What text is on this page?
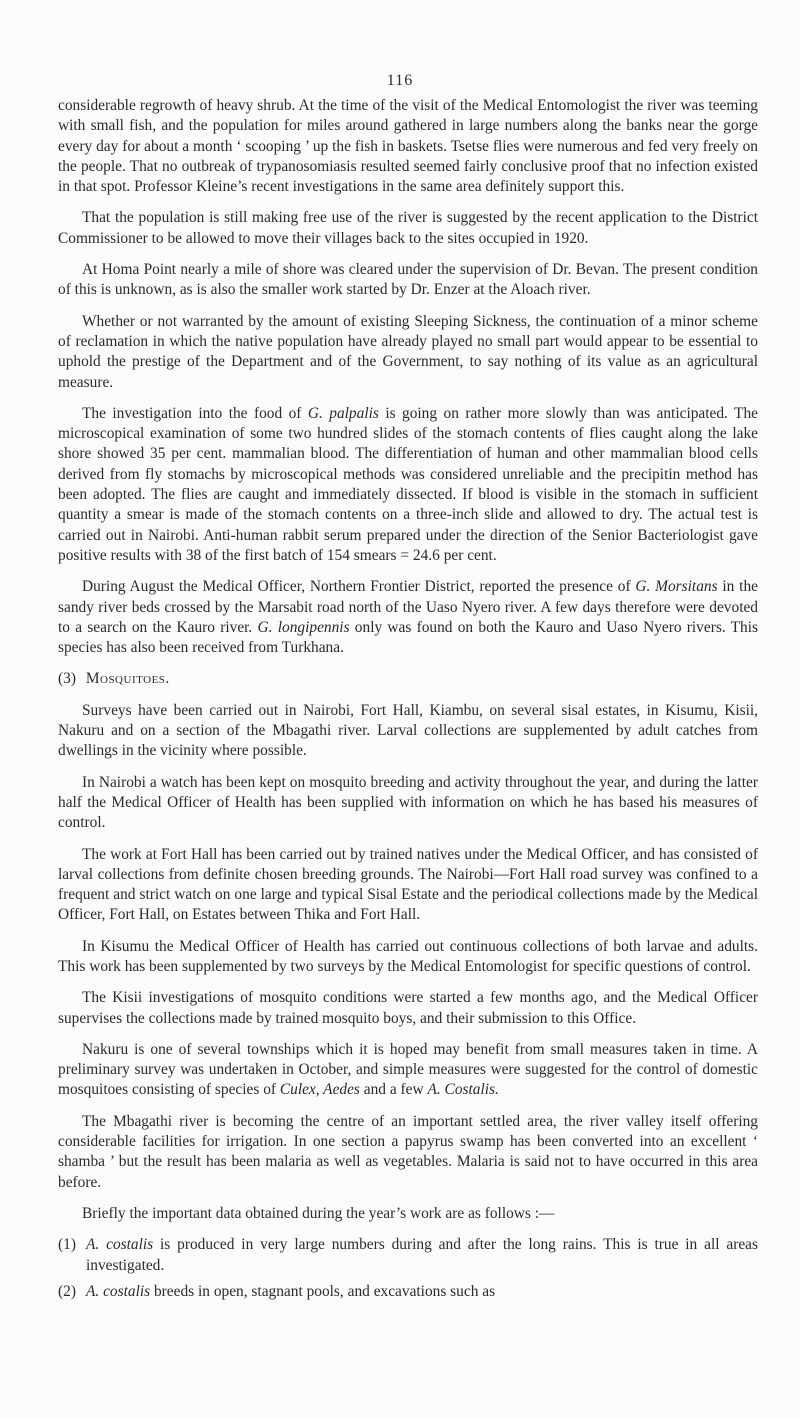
116

considerable regrowth of heavy shrub. At the time of the visit of the Medical Entomologist the river was teeming with small fish, and the population for miles around gathered in large numbers along the banks near the gorge every day for about a month ‘ scooping ’ up the fish in baskets. Tsetse flies were numerous and fed very freely on the people. That no outbreak of trypanosomiasis resulted seemed fairly conclusive proof that no infection existed in that spot. Professor Kleine’s recent investigations in the same area definitely support this.

That the population is still making free use of the river is suggested by the recent application to the District Commissioner to be allowed to move their villages back to the sites occupied in 1920.

At Homa Point nearly a mile of shore was cleared under the supervision of Dr. Bevan. The present condition of this is unknown, as is also the smaller work started by Dr. Enzer at the Aloach river.

Whether or not warranted by the amount of existing Sleeping Sickness, the continuation of a minor scheme of reclamation in which the native population have already played no small part would appear to be essential to uphold the prestige of the Department and of the Government, to say nothing of its value as an agricultural measure.

The investigation into the food of G. palpalis is going on rather more slowly than was anticipated. The microscopical examination of some two hundred slides of the stomach contents of flies caught along the lake shore showed 35 per cent. mammalian blood. The differentiation of human and other mammalian blood cells derived from fly stomachs by microscopical methods was considered unreliable and the precipitin method has been adopted. The flies are caught and immediately dissected. If blood is visible in the stomach in sufficient quantity a smear is made of the stomach contents on a three-inch slide and allowed to dry. The actual test is carried out in Nairobi. Anti-human rabbit serum prepared under the direction of the Senior Bacteriologist gave positive results with 38 of the first batch of 154 smears = 24.6 per cent.

During August the Medical Officer, Northern Frontier District, reported the presence of G. Morsitans in the sandy river beds crossed by the Marsabit road north of the Uaso Nyero river. A few days therefore were devoted to a search on the Kauro river. G. longipennis only was found on both the Kauro and Uaso Nyero rivers. This species has also been received from Turkhana.

(3) Mosquitoes.

Surveys have been carried out in Nairobi, Fort Hall, Kiambu, on several sisal estates, in Kisumu, Kisii, Nakuru and on a section of the Mbagathi river. Larval collections are supplemented by adult catches from dwellings in the vicinity where possible.

In Nairobi a watch has been kept on mosquito breeding and activity throughout the year, and during the latter half the Medical Officer of Health has been supplied with information on which he has based his measures of control.

The work at Fort Hall has been carried out by trained natives under the Medical Officer, and has consisted of larval collections from definite chosen breeding grounds. The Nairobi—Fort Hall road survey was confined to a frequent and strict watch on one large and typical Sisal Estate and the periodical collections made by the Medical Officer, Fort Hall, on Estates between Thika and Fort Hall.

In Kisumu the Medical Officer of Health has carried out continuous collections of both larvae and adults. This work has been supplemented by two surveys by the Medical Entomologist for specific questions of control.

The Kisii investigations of mosquito conditions were started a few months ago, and the Medical Officer supervises the collections made by trained mosquito boys, and their submission to this Office.

Nakuru is one of several townships which it is hoped may benefit from small measures taken in time. A preliminary survey was undertaken in October, and simple measures were suggested for the control of domestic mosquitoes consisting of species of Culex, Aedes and a few A. Costalis.

The Mbagathi river is becoming the centre of an important settled area, the river valley itself offering considerable facilities for irrigation. In one section a papyrus swamp has been converted into an excellent ‘ shamba ’ but the result has been malaria as well as vegetables. Malaria is said not to have occurred in this area before.

Briefly the important data obtained during the year’s work are as follows :—

(1) A. costalis is produced in very large numbers during and after the long rains. This is true in all areas investigated.
(2) A. costalis breeds in open, stagnant pools, and excavations such as
